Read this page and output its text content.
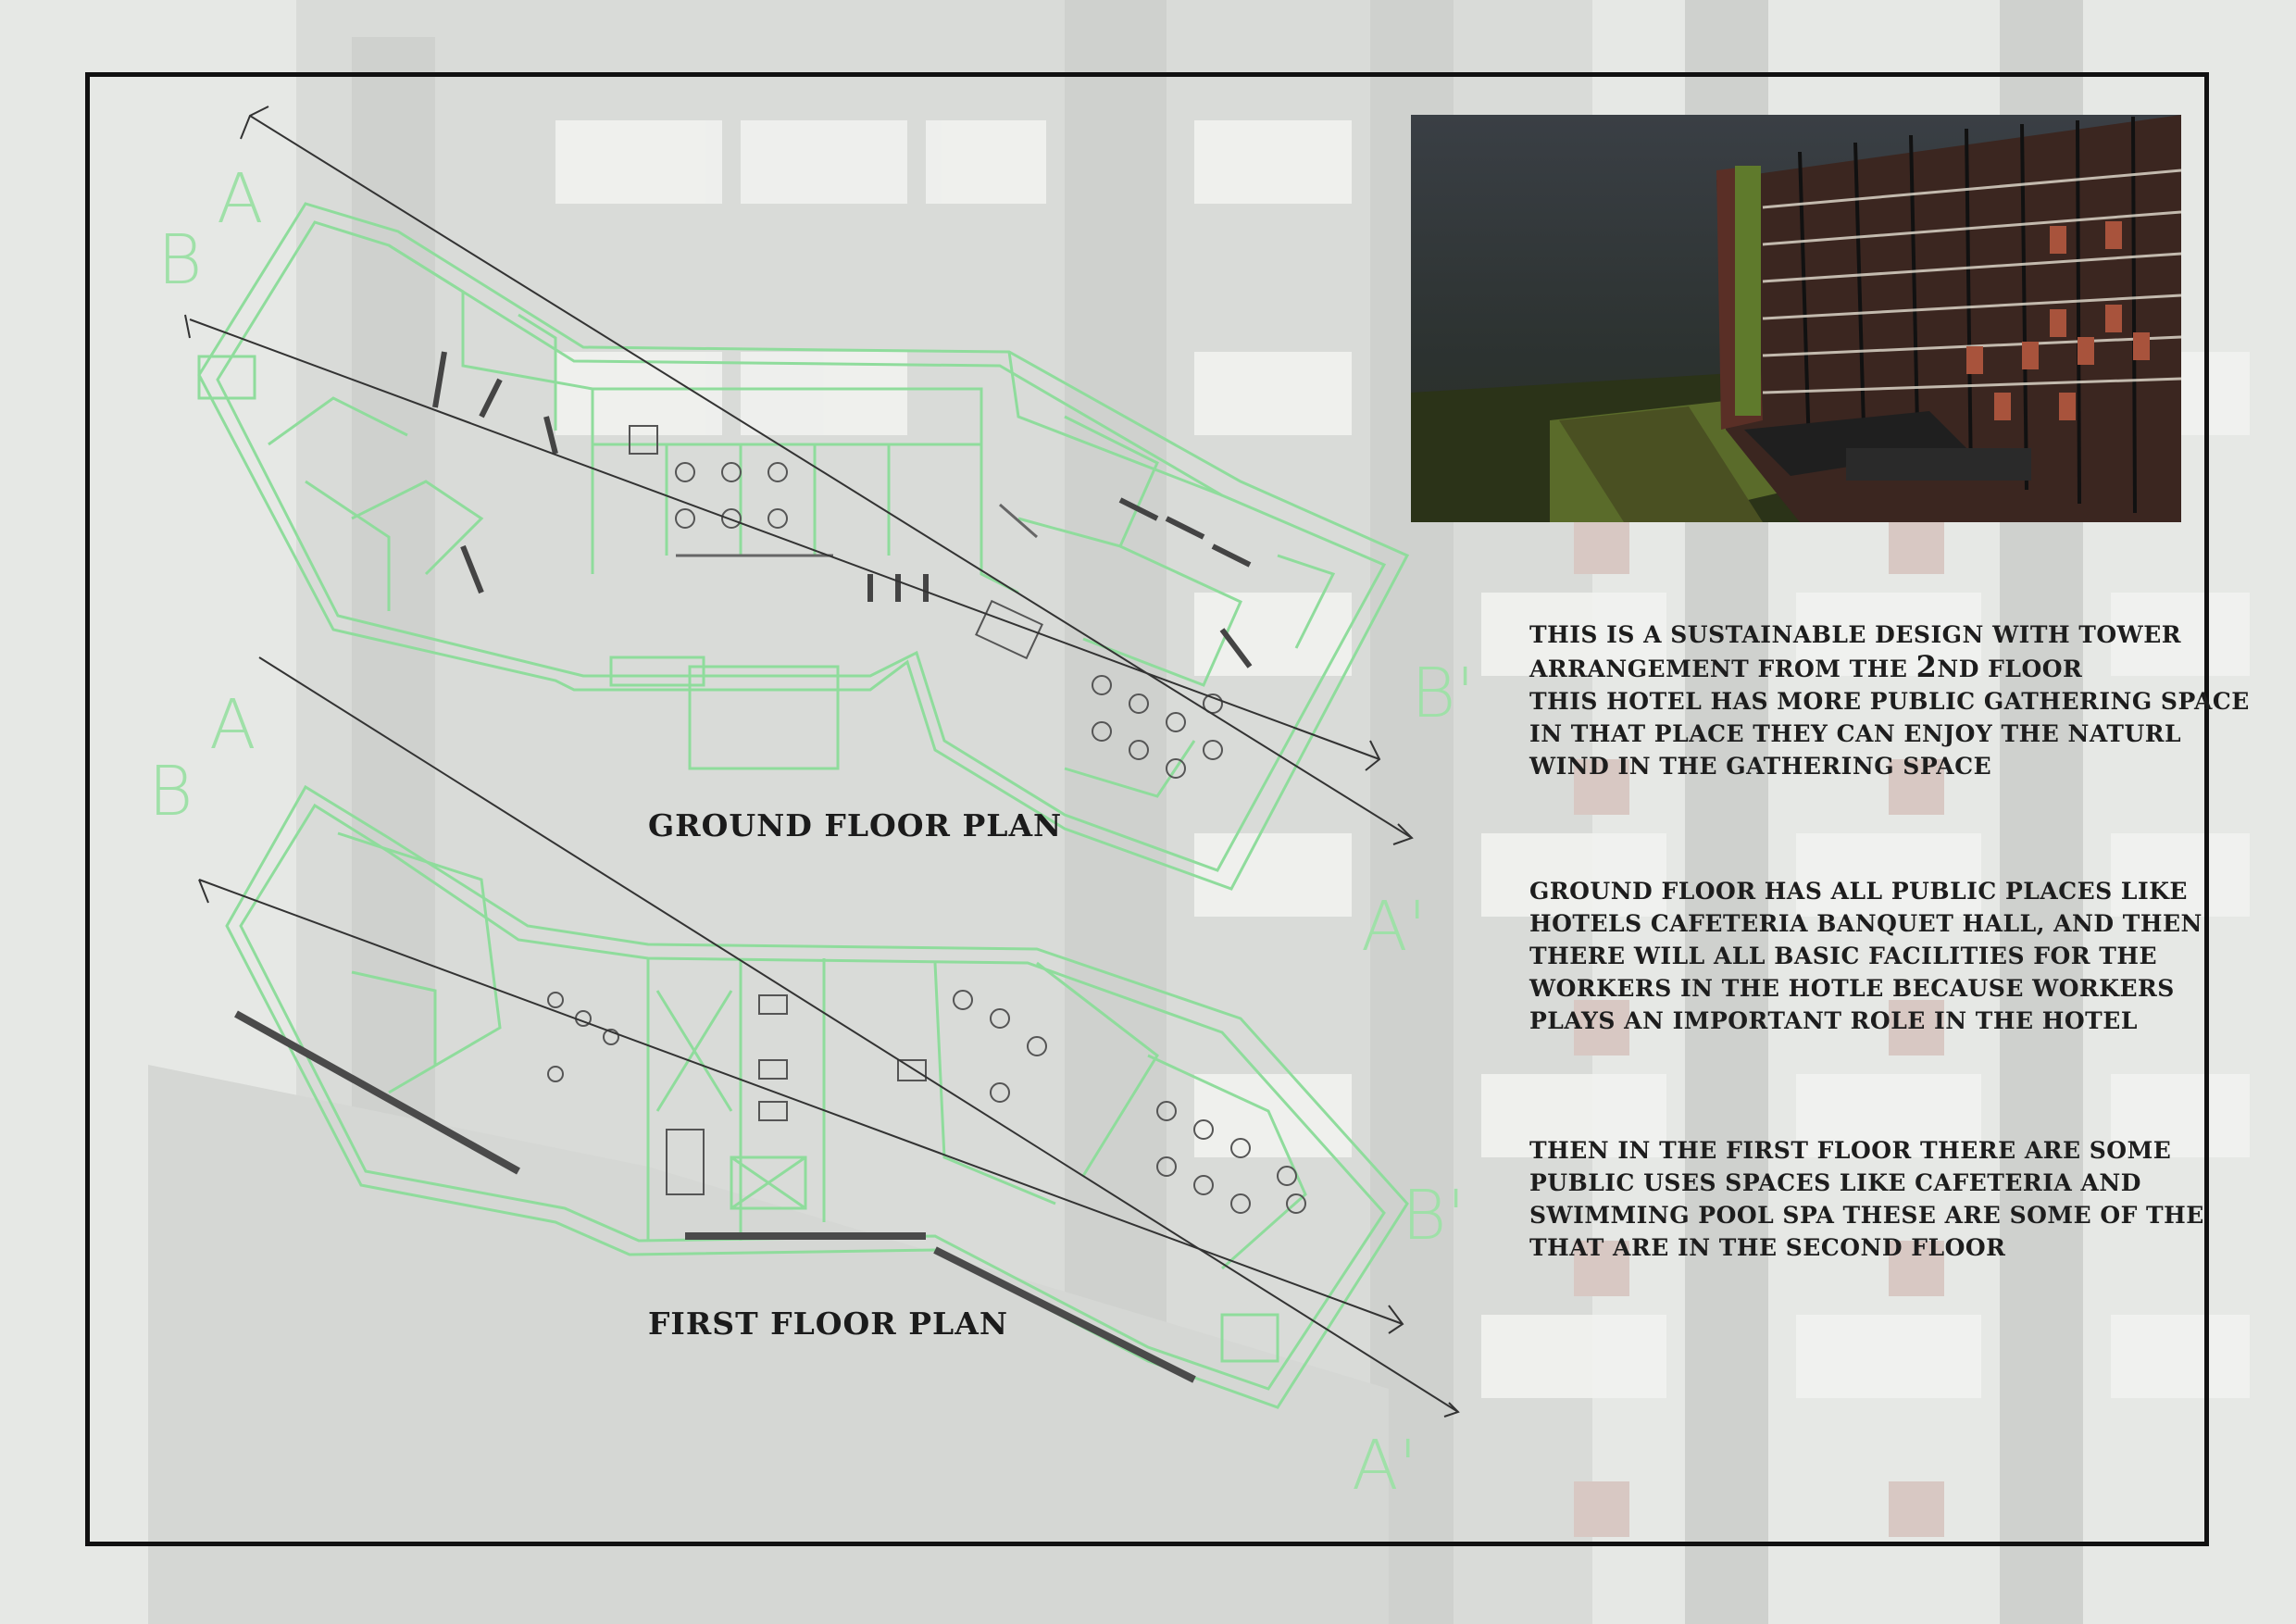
A
B
B'
A'
A
B
B'
A'
GROUND FLOOR PLAN
FIRST FLOOR PLAN
THIS IS A SUSTAINABLE DESIGN WITH TOWER
ARRANGEMENT FROM THE 2ND FLOOR
THIS HOTEL HAS MORE PUBLIC GATHERING SPACE
IN THAT PLACE THEY CAN ENJOY THE NATURL
WIND IN THE GATHERING SPACE
GROUND FLOOR HAS ALL PUBLIC PLACES LIKE
HOTELS CAFETERIA BANQUET HALL, AND THEN
THERE WILL ALL BASIC FACILITIES FOR THE
WORKERS IN THE HOTLE BECAUSE WORKERS
PLAYS AN IMPORTANT ROLE IN THE HOTEL
THEN IN THE FIRST FLOOR THERE ARE SOME
PUBLIC USES SPACES LIKE CAFETERIA AND
SWIMMING POOL SPA THESE ARE SOME OF THE
THAT ARE IN THE SECOND FLOOR
